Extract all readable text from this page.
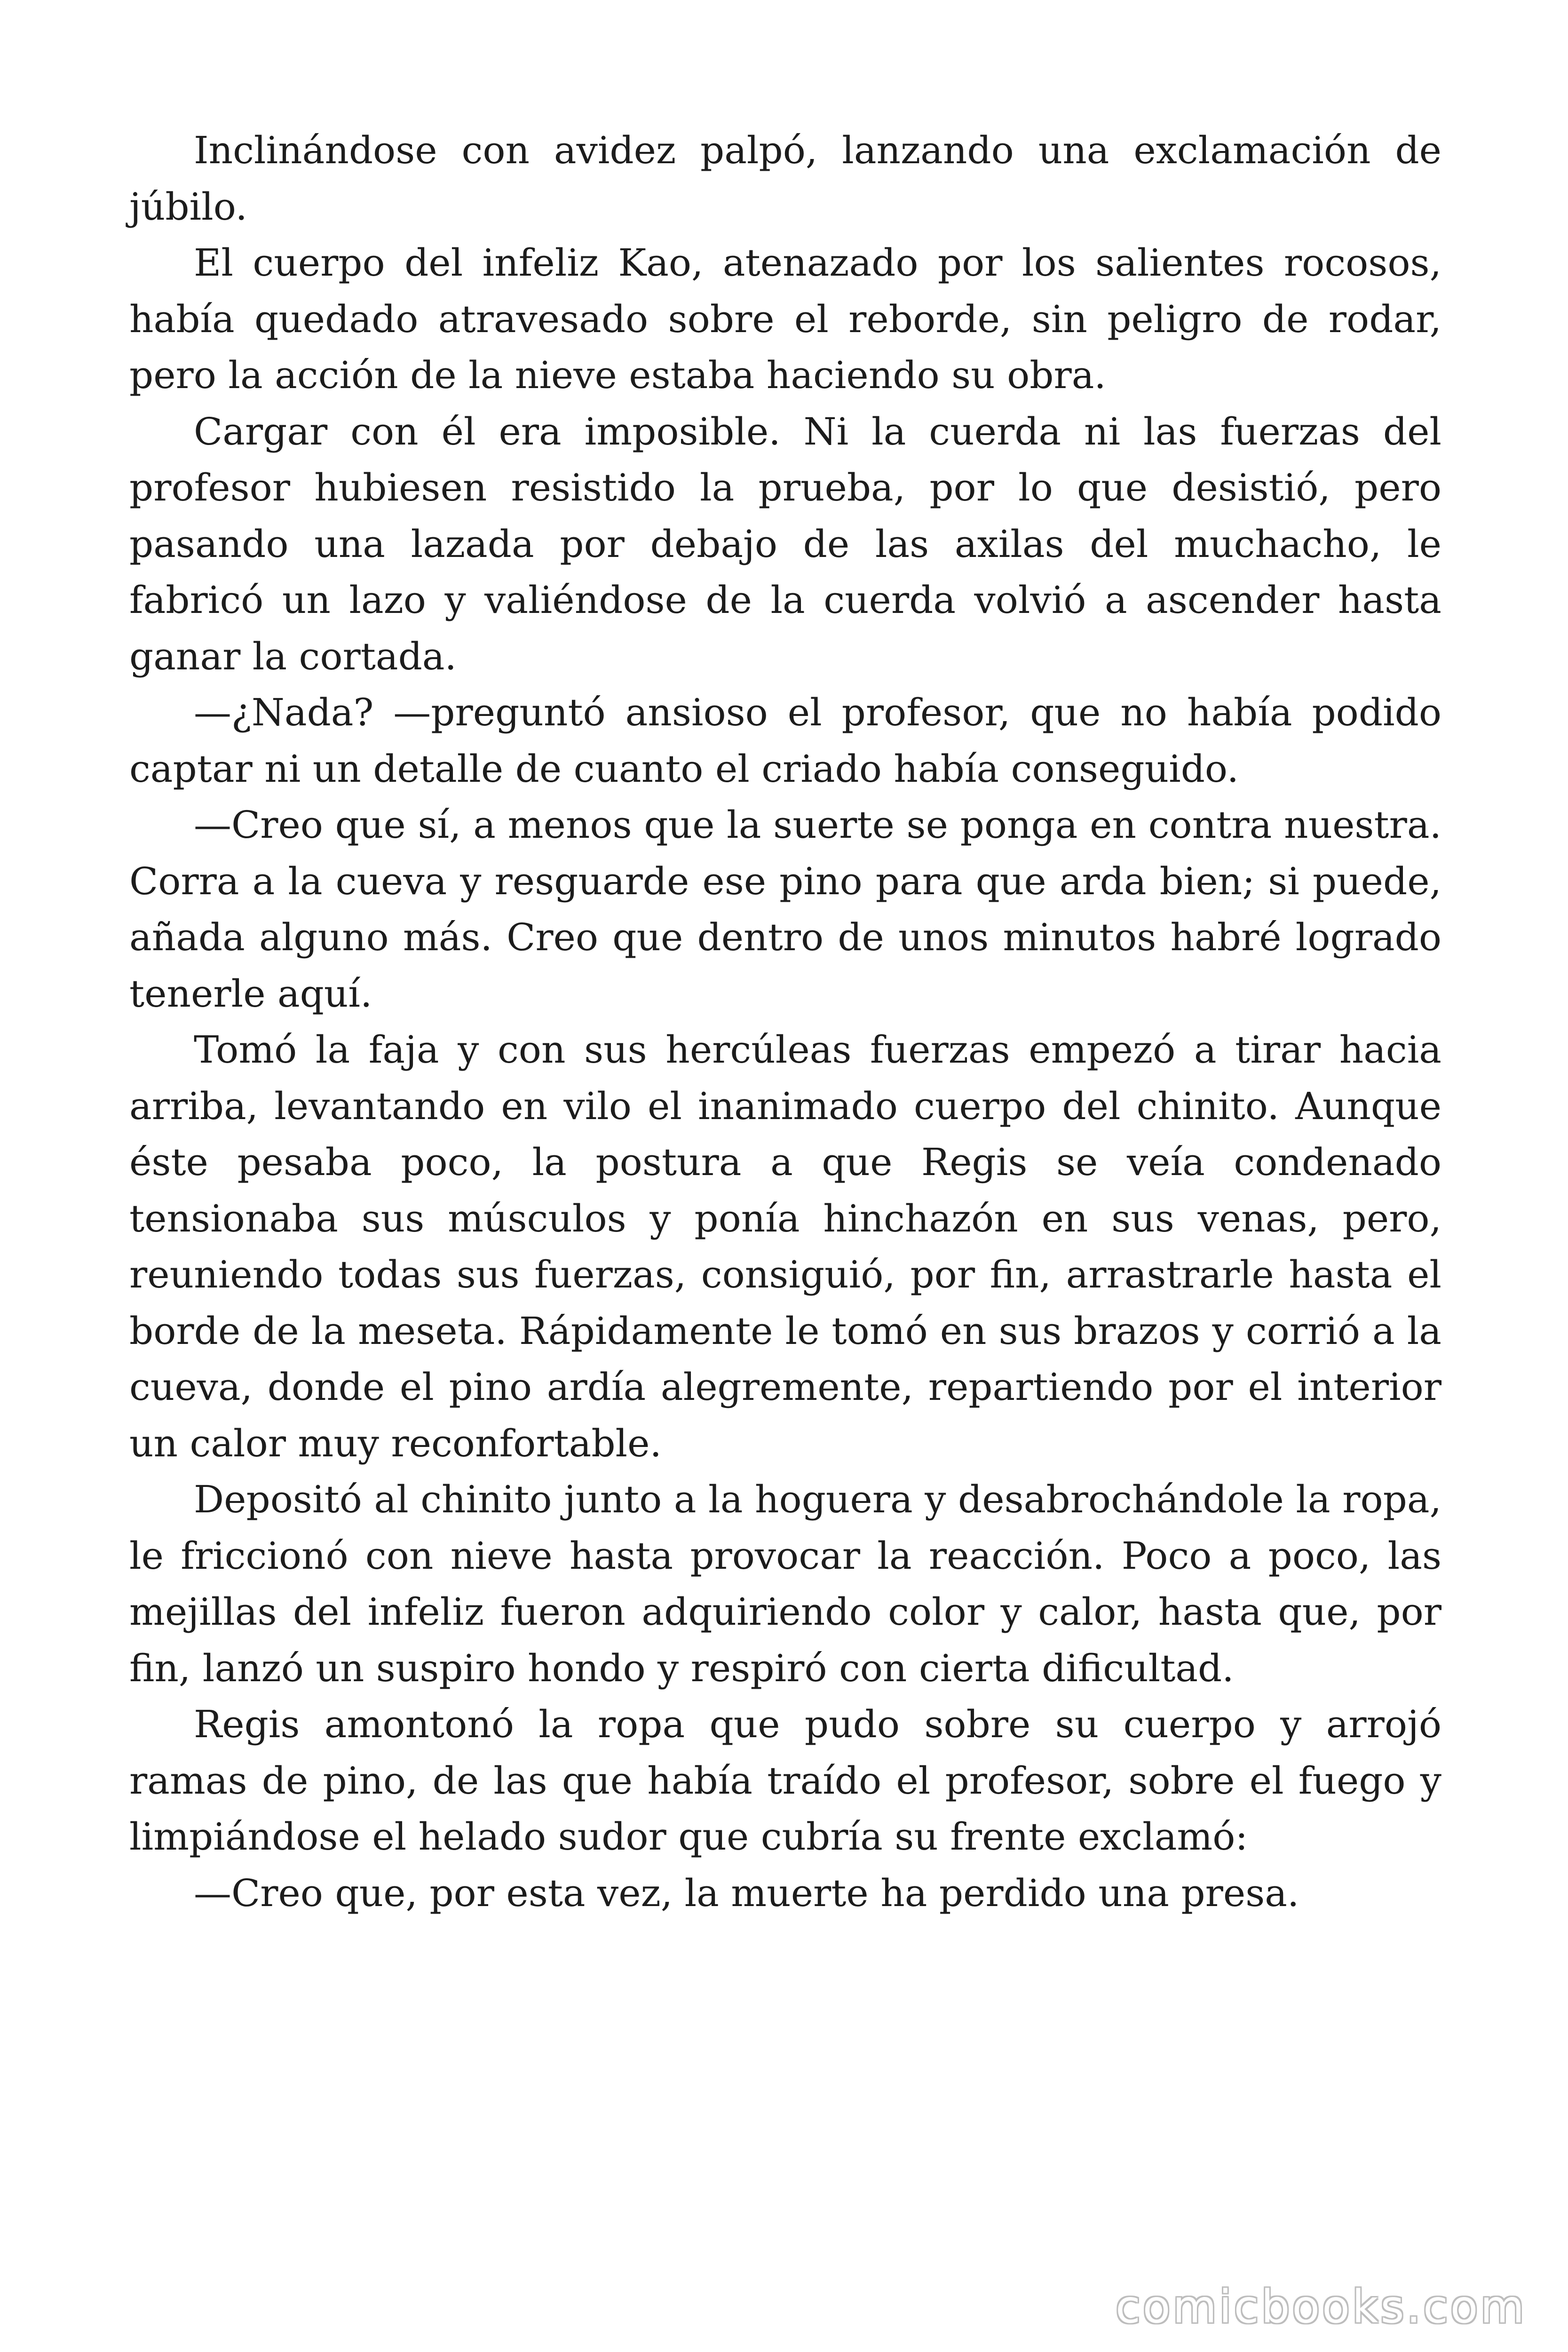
Inclinándose con avidez palpó, lanzando una exclamación de júbilo.

El cuerpo del infeliz Kao, atenazado por los salientes rocosos, había quedado atravesado sobre el reborde, sin peligro de rodar, pero la acción de la nieve estaba haciendo su obra.

Cargar con él era imposible. Ni la cuerda ni las fuerzas del profesor hubiesen resistido la prueba, por lo que desistió, pero pasando una lazada por debajo de las axilas del muchacho, le fabricó un lazo y valiéndose de la cuerda volvió a ascender hasta ganar la cortada.

—¿Nada? —preguntó ansioso el profesor, que no había podido captar ni un detalle de cuanto el criado había conseguido.

—Creo que sí, a menos que la suerte se ponga en contra nuestra. Corra a la cueva y resguarde ese pino para que arda bien; si puede, añada alguno más. Creo que dentro de unos minutos habré logrado tenerle aquí.

Tomó la faja y con sus hercúleas fuerzas empezó a tirar hacia arriba, levantando en vilo el inanimado cuerpo del chinito. Aunque éste pesaba poco, la postura a que Regis se veía condenado tensionaba sus músculos y ponía hinchazón en sus venas, pero, reuniendo todas sus fuerzas, consiguió, por fin, arrastrarle hasta el borde de la meseta. Rápidamente le tomó en sus brazos y corrió a la cueva, donde el pino ardía alegremente, repartiendo por el interior un calor muy reconfortable.

Depositó al chinito junto a la hoguera y desabrochándole la ropa, le friccionó con nieve hasta provocar la reacción. Poco a poco, las mejillas del infeliz fueron adquiriendo color y calor, hasta que, por fin, lanzó un suspiro hondo y respiró con cierta dificultad.

Regis amontonó la ropa que pudo sobre su cuerpo y arrojó ramas de pino, de las que había traído el profesor, sobre el fuego y limpiándose el helado sudor que cubría su frente exclamó:

—Creo que, por esta vez, la muerte ha perdido una presa.

comicbooks.com
